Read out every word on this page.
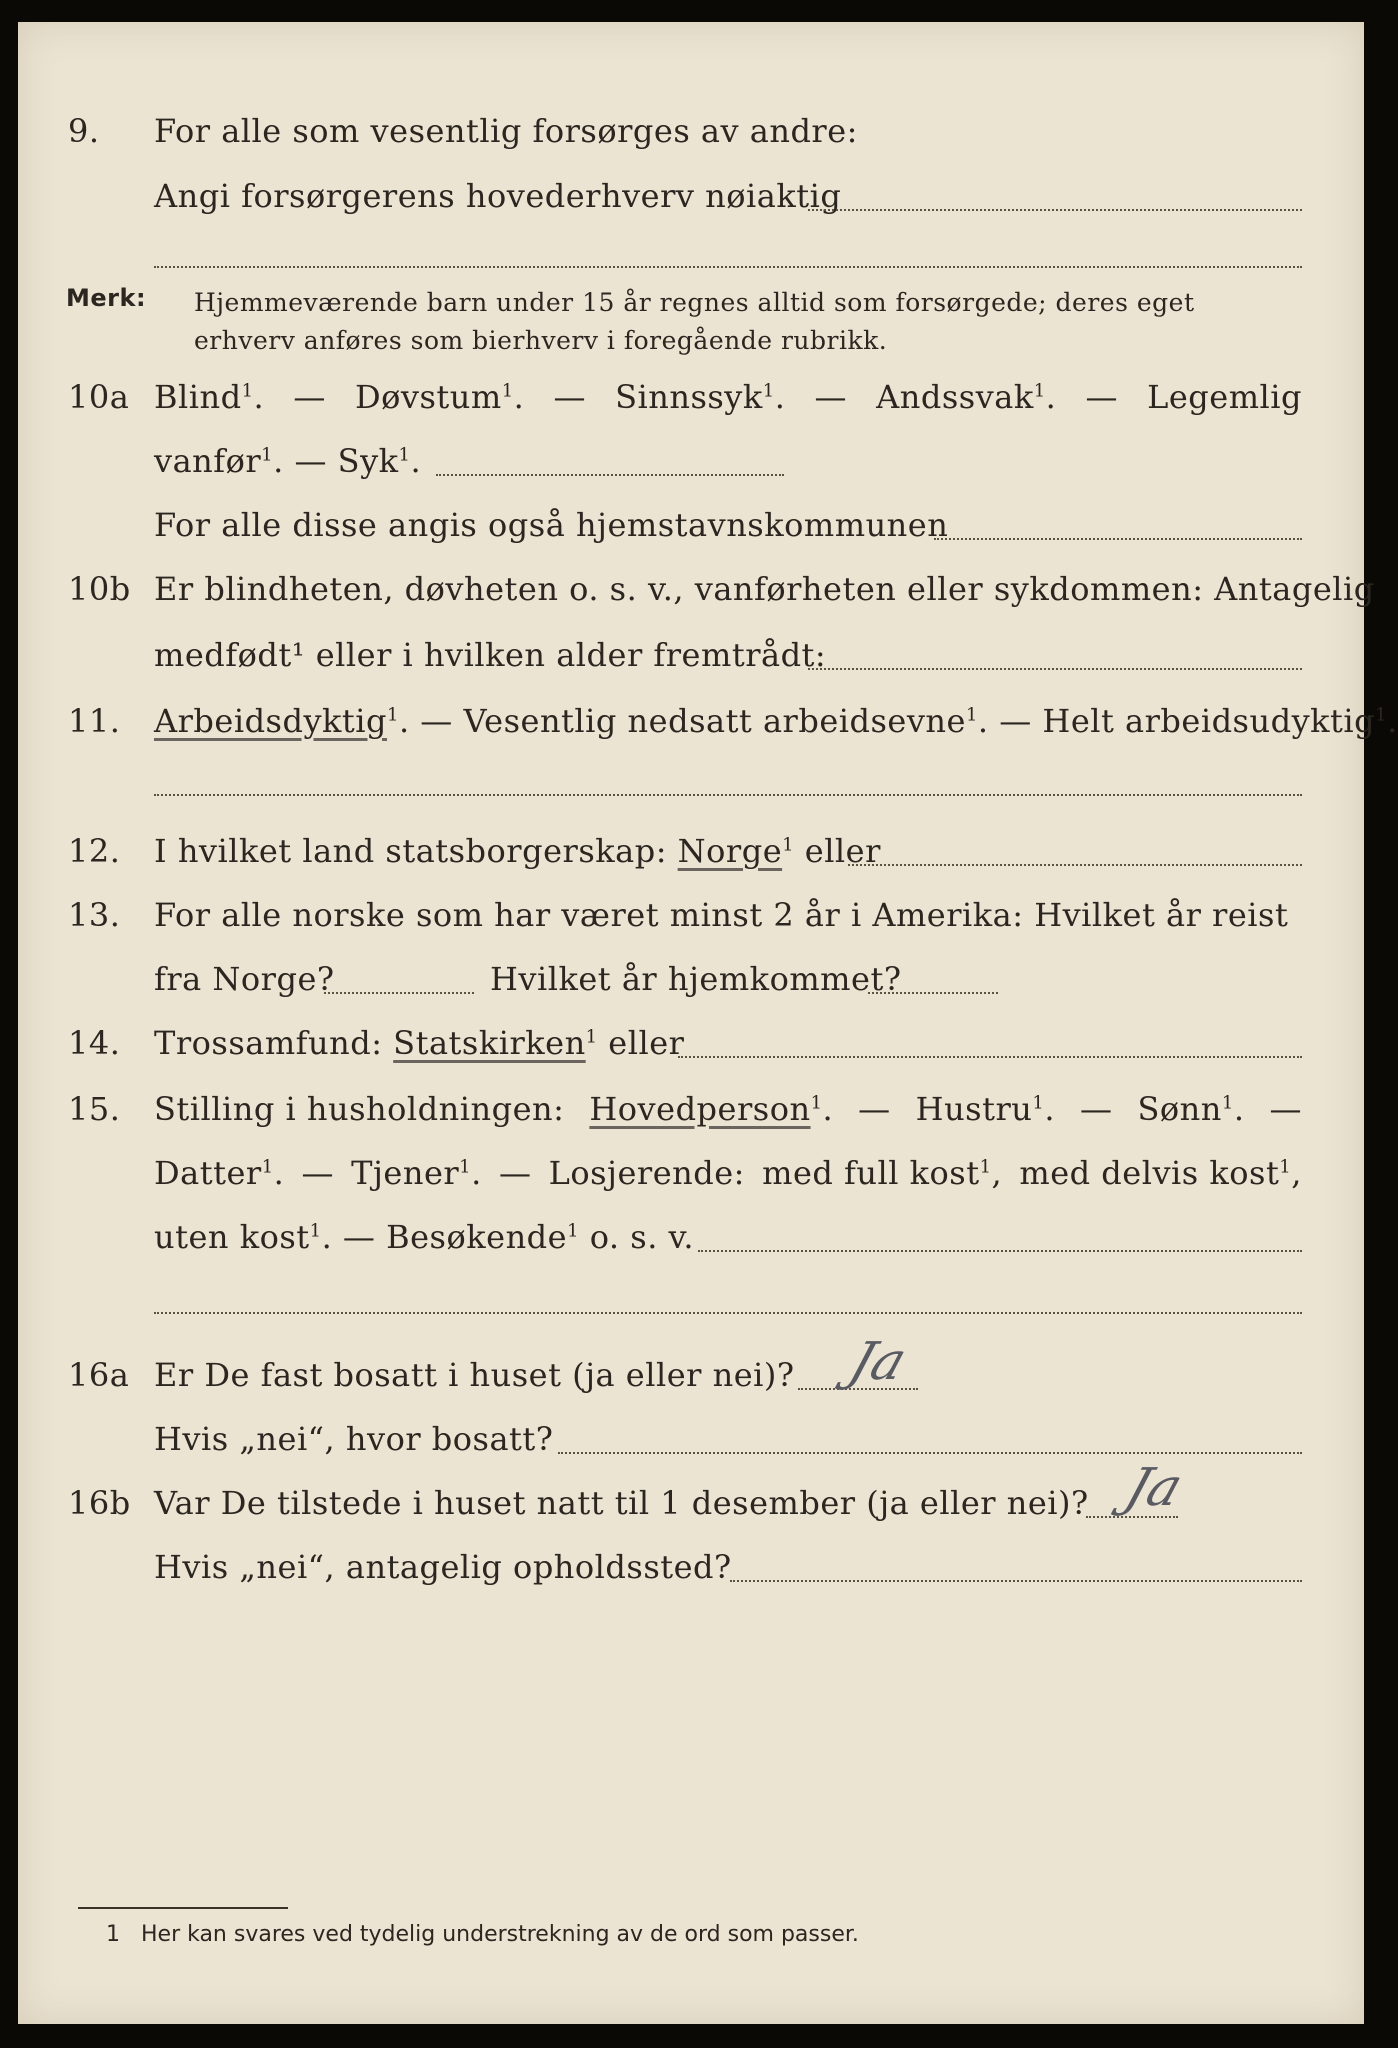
9. For alle som vesentlig forsørges av andre:
Angi forsørgerens hovederhverv nøiaktig
Merk: Hjemmeværende barn under 15 år regnes alltid som forsørgede; deres eget erhverv anføres som bierhverv i foregående rubrikk.
10a Blind$^1$. — Døvstum$^1$. — Sinnssyk$^1$. — Andssvak$^1$. — Legemlig
vanfør$^1$. — Syk$^1$.
For alle disse angis også hjemstavnskommunen
10b Er blindheten, døvheten o. s. v., vanførheten eller sykdommen: Antagelig
medfødt¹ eller i hvilken alder fremtrådt:
11. Arbeidsdyktig$^1$. — Vesentlig nedsatt arbeidsevne$^1$. — Helt arbeidsudyktig$^1$.
12. I hvilket land statsborgerskap: Norge$^1$ eller
13. For alle norske som har været minst 2 år i Amerika: Hvilket år reist
fra Norge?	Hvilket år hjemkommet?
14. Trossamfund: Statskirken$^1$ eller
15. Stilling i husholdningen: Hovedperson$^1$. — Hustru$^1$. — Sønn$^1$. —
Datter$^1$. — Tjener$^1$. — Losjerende: med full kost$^1$, med delvis kost$^1$,
uten kost$^1$. — Besøkende$^1$ o. s. v.
16a Er De fast bosatt i huset (ja eller nei)? Ja
Hvis „nei“, hvor bosatt?
16b Var De tilstede i huset natt til 1 desember (ja eller nei)? Ja
Hvis „nei“, antagelig opholdssted?
1 Her kan svares ved tydelig understrekning av de ord som passer.
